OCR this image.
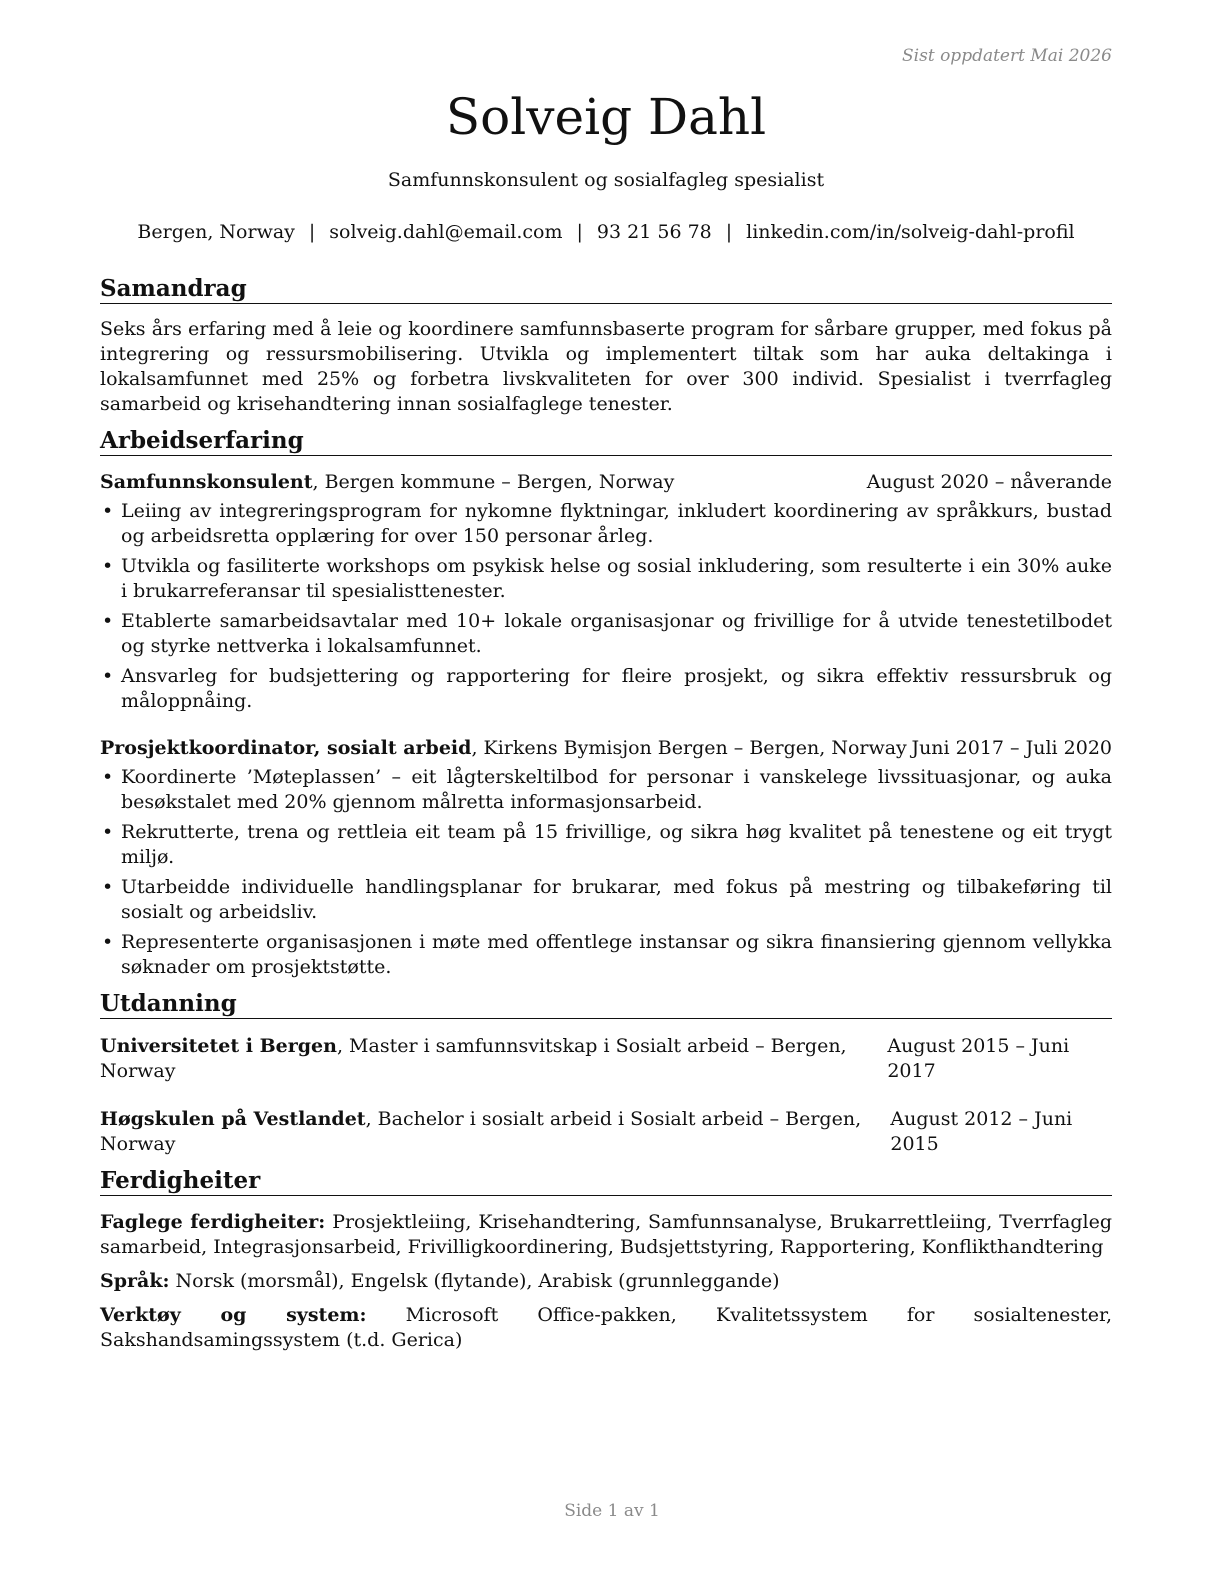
Sist oppdatert Mai 2026
Solveig Dahl
Samfunnskonsulent og sosialfagleg spesialist
Bergen, Norway | solveig.dahl@email.com | 93 21 56 78 | linkedin.com/in/solveig-dahl-profil
Samandrag
Seks års erfaring med å leie og koordinere samfunnsbaserte program for sårbare grupper, med fokus på integrering og ressursmobilisering. Utvikla og implementert tiltak som har auka deltakinga i lokalsamfunnet med 25% og forbetra livskvaliteten for over 300 individ. Spesialist i tverrfagleg samarbeid og krisehandtering innan sosialfaglege tenester.
Arbeidserfaring
Samfunnskonsulent, Bergen kommune – Bergen, Norway	August 2020 – nåverande
• Leiing av integreringsprogram for nykomne flyktningar, inkludert koordinering av språkkurs, bustad og arbeidsretta opplæring for over 150 personar årleg.
• Utvikla og fasiliterte workshops om psykisk helse og sosial inkludering, som resulterte i ein 30% auke i brukarreferansar til spesialisttenester.
• Etablerte samarbeidsavtalar med 10+ lokale organisasjonar og frivillige for å utvide tenestetilbodet og styrke nettverka i lokalsamfunnet.
• Ansvarleg for budsjettering og rapportering for fleire prosjekt, og sikra effektiv ressursbruk og måloppnåing.
Prosjektkoordinator, sosialt arbeid, Kirkens Bymisjon Bergen – Bergen, Norway Juni 2017 – Juli 2020
• Koordinerte ’Møteplassen’ – eit lågterskeltilbod for personar i vanskelege livssituasjonar, og auka besøkstalet med 20% gjennom målretta informasjonsarbeid.
• Rekrutterte, trena og rettleia eit team på 15 frivillige, og sikra høg kvalitet på tenestene og eit trygt miljø.
• Utarbeidde individuelle handlingsplanar for brukarar, med fokus på mestring og tilbakeføring til sosialt og arbeidsliv.
• Representerte organisasjonen i møte med offentlege instansar og sikra finansiering gjennom vellykka søknader om prosjektstøtte.
Utdanning
Universitetet i Bergen, Master i samfunnsvitskap i Sosialt arbeid – Bergen, Norway
August 2015 – Juni 2017
Høgskulen på Vestlandet, Bachelor i sosialt arbeid i Sosialt arbeid – Bergen, Norway
August 2012 – Juni 2015
Ferdigheiter
Faglege ferdigheiter: Prosjektleiing, Krisehandtering, Samfunnsanalyse, Brukarrettleiing, Tverrfagleg samarbeid, Integrasjonsarbeid, Frivilligkoordinering, Budsjettstyring, Rapportering, Konflikthandtering
Språk: Norsk (morsmål), Engelsk (flytande), Arabisk (grunnleggande)
Verktøy og system: Microsoft Office-pakken, Kvalitetssystem for sosialtenester, Sakshandsamingssystem (t.d. Gerica)
Side 1 av 1
